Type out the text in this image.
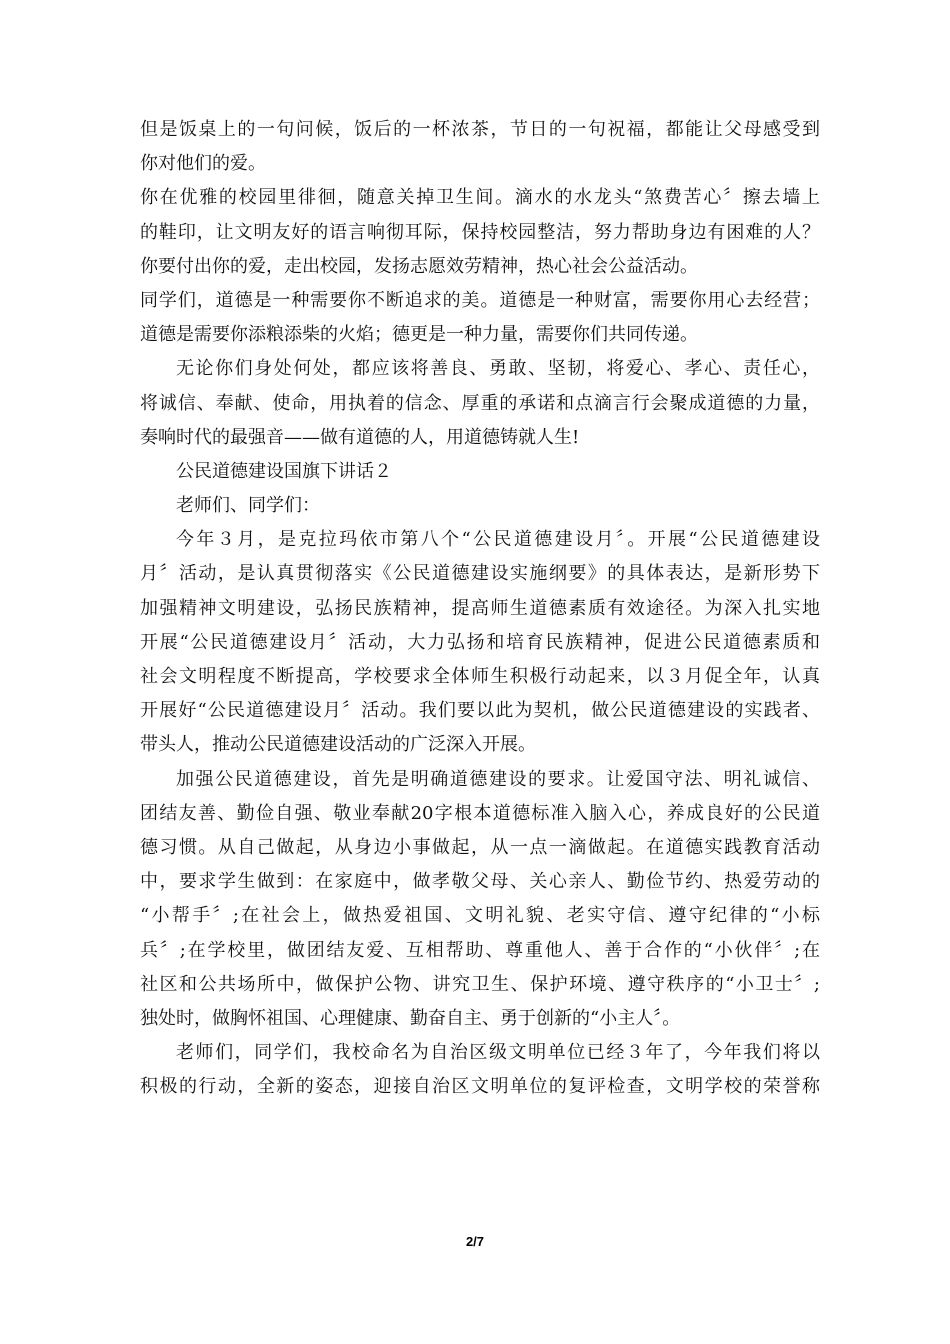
但是饭桌上的一句问候，饭后的一杯浓茶，节日的一句祝福，都能让父母感受到
你对他们的爱。
你在优雅的校园里徘徊，随意关掉卫生间。滴水的水龙头“煞费苦心〞擦去墙上
的鞋印，让文明友好的语言响彻耳际，保持校园整洁，努力帮助身边有困难的人？
你要付出你的爱，走出校园，发扬志愿效劳精神，热心社会公益活动。
同学们，道德是一种需要你不断追求的美。道德是一种财富，需要你用心去经营；
道德是需要你添粮添柴的火焰；德更是一种力量，需要你们共同传递。
无论你们身处何处，都应该将善良、勇敢、坚韧，将爱心、孝心、责任心，
将诚信、奉献、使命，用执着的信念、厚重的承诺和点滴言行会聚成道德的力量，
奏响时代的最强音——做有道德的人，用道德铸就人生!
公民道德建设国旗下讲话２
老师们、同学们：
今年３月，是克拉玛依市第八个“公民道德建设月〞。开展“公民道德建设
月〞活动，是认真贯彻落实《公民道德建设实施纲要》的具体表达，是新形势下
加强精神文明建设，弘扬民族精神，提高师生道德素质有效途径。为深入扎实地
开展“公民道德建设月〞活动，大力弘扬和培育民族精神，促进公民道德素质和
社会文明程度不断提高，学校要求全体师生积极行动起来，以３月促全年，认真
开展好“公民道德建设月〞活动。我们要以此为契机，做公民道德建设的实践者、
带头人，推动公民道德建设活动的广泛深入开展。
加强公民道德建设，首先是明确道德建设的要求。让爱国守法、明礼诚信、
团结友善、勤俭自强、敬业奉献20字根本道德标准入脑入心，养成良好的公民道
德习惯。从自己做起，从身边小事做起，从一点一滴做起。在道德实践教育活动
中，要求学生做到：在家庭中，做孝敬父母、关心亲人、勤俭节约、热爱劳动的
“小帮手〞;在社会上，做热爱祖国、文明礼貌、老实守信、遵守纪律的“小标
兵〞;在学校里，做团结友爱、互相帮助、尊重他人、善于合作的“小伙伴〞;在
社区和公共场所中，做保护公物、讲究卫生、保护环境、遵守秩序的“小卫士〞;
独处时，做胸怀祖国、心理健康、勤奋自主、勇于创新的“小主人〞。
老师们，同学们，我校命名为自治区级文明单位已经３年了，今年我们将以
积极的行动，全新的姿态，迎接自治区文明单位的复评检查，文明学校的荣誉称
2/7
